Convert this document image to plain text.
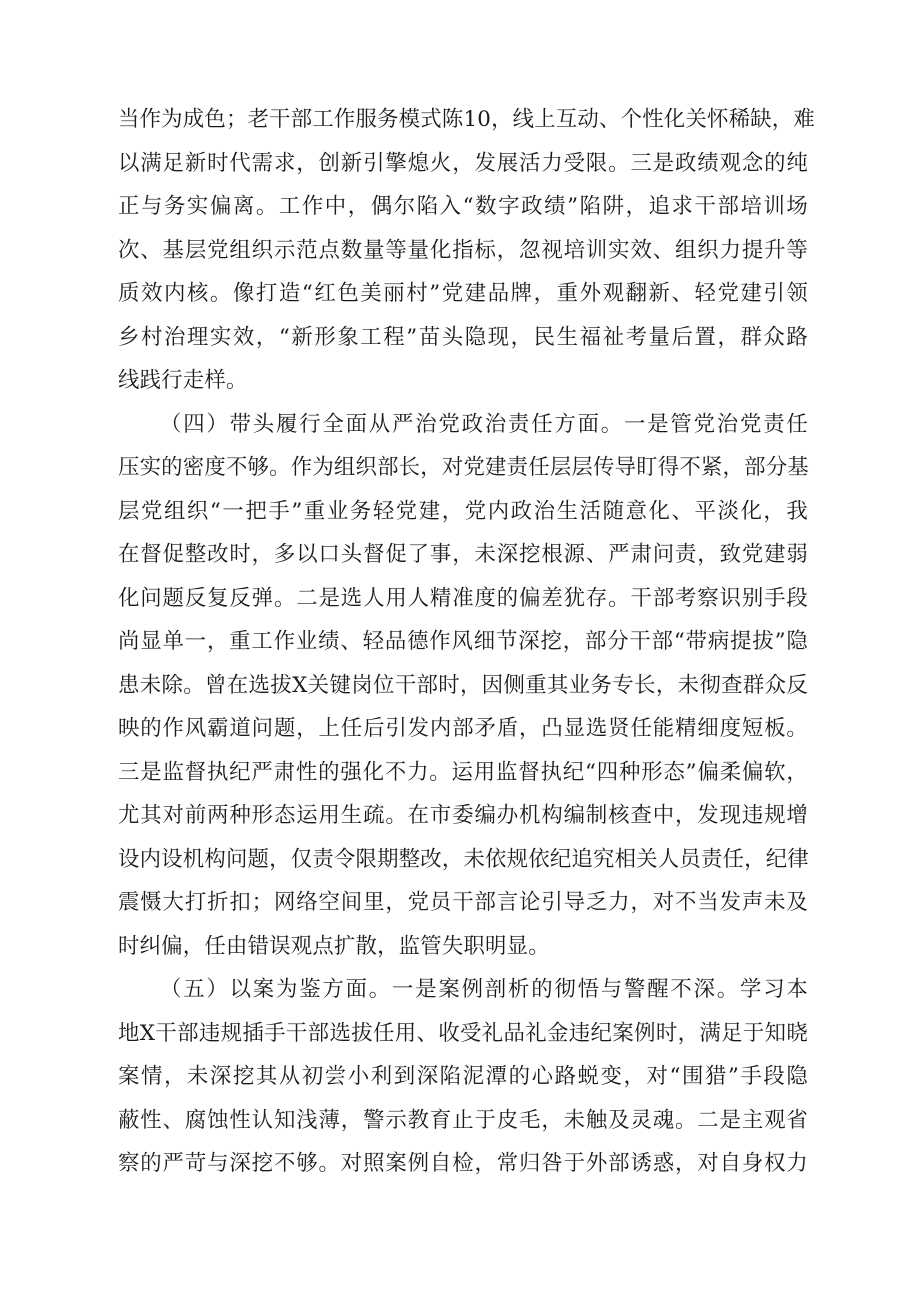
当作为成色；老干部工作服务模式陈10，线上互动、个性化关怀稀缺，难
以满足新时代需求，创新引擎熄火，发展活力受限。三是政绩观念的纯
正与务实偏离。工作中，偶尔陷入“数字政绩”陷阱，追求干部培训场
次、基层党组织示范点数量等量化指标，忽视培训实效、组织力提升等
质效内核。像打造“红色美丽村”党建品牌，重外观翻新、轻党建引领
乡村治理实效，“新形象工程”苗头隐现，民生福祉考量后置，群众路
线践行走样。
（四）带头履行全面从严治党政治责任方面。一是管党治党责任
压实的密度不够。作为组织部长，对党建责任层层传导盯得不紧，部分基
层党组织“一把手”重业务轻党建，党内政治生活随意化、平淡化，我
在督促整改时，多以口头督促了事，未深挖根源、严肃问责，致党建弱
化问题反复反弹。二是选人用人精准度的偏差犹存。干部考察识别手段
尚显单一，重工作业绩、轻品德作风细节深挖，部分干部“带病提拔”隐
患未除。曾在选拔X关键岗位干部时，因侧重其业务专长，未彻查群众反
映的作风霸道问题，上任后引发内部矛盾，凸显选贤任能精细度短板。
三是监督执纪严肃性的强化不力。运用监督执纪“四种形态”偏柔偏软，
尤其对前两种形态运用生疏。在市委编办机构编制核查中，发现违规增
设内设机构问题，仅责令限期整改，未依规依纪追究相关人员责任，纪律
震慑大打折扣；网络空间里，党员干部言论引导乏力，对不当发声未及
时纠偏，任由错误观点扩散，监管失职明显。
（五）以案为鉴方面。一是案例剖析的彻悟与警醒不深。学习本
地X干部违规插手干部选拔任用、收受礼品礼金违纪案例时，满足于知晓
案情，未深挖其从初尝小利到深陷泥潭的心路蜕变，对“围猎”手段隐
蔽性、腐蚀性认知浅薄，警示教育止于皮毛，未触及灵魂。二是主观省
察的严苛与深挖不够。对照案例自检，常归咎于外部诱惑，对自身权力
